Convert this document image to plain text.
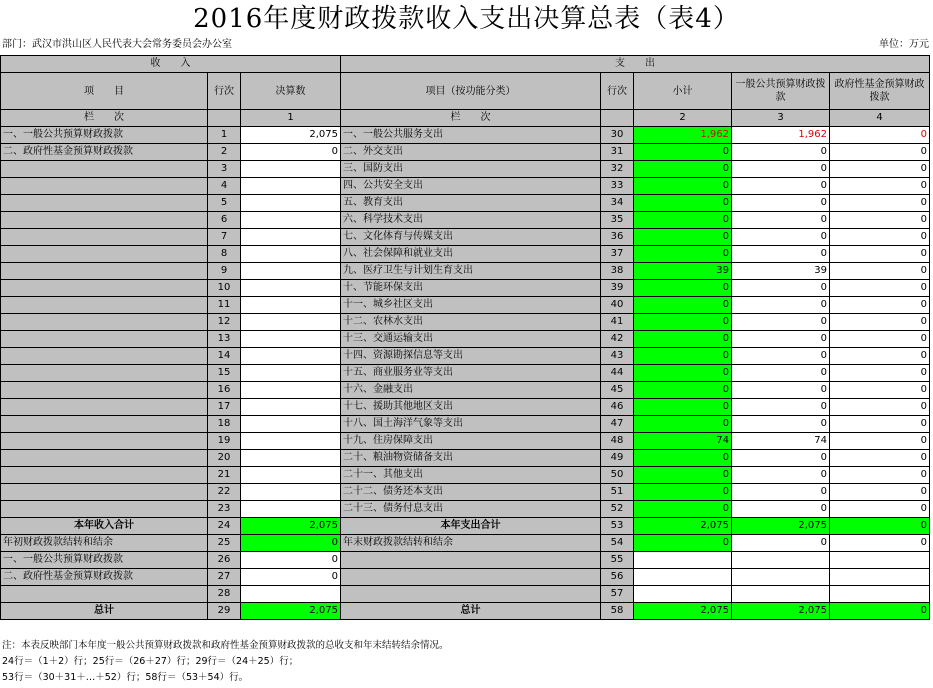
2016年度财政拨款收入支出决算总表（表4）
部门：武汉市洪山区人民代表大会常务委员会办公室	单位：万元
收　　入			支　　出				
项　　目	行次	决算数	项目（按功能分类）	行次	小计	一般公共预算财政拨款	政府性基金预算财政拨款
栏　　次		1	栏　　次		2	3	4
一、一般公共预算财政拨款	1	2,075	一、一般公共服务支出	30	1,962	1,962	0
二、政府性基金预算财政拨款	2	0	二、外交支出	31	0	0	0
	3		三、国防支出	32	0	0	0
	4		四、公共安全支出	33	0	0	0
	5		五、教育支出	34	0	0	0
	6		六、科学技术支出	35	0	0	0
	7		七、文化体育与传媒支出	36	0	0	0
	8		八、社会保障和就业支出	37	0	0	0
	9		九、医疗卫生与计划生育支出	38	39	39	0
	10		十、节能环保支出	39	0	0	0
	11		十一、城乡社区支出	40	0	0	0
	12		十二、农林水支出	41	0	0	0
	13		十三、交通运输支出	42	0	0	0
	14		十四、资源勘探信息等支出	43	0	0	0
	15		十五、商业服务业等支出	44	0	0	0
	16		十六、金融支出	45	0	0	0
	17		十七、援助其他地区支出	46	0	0	0
	18		十八、国土海洋气象等支出	47	0	0	0
	19		十九、住房保障支出	48	74	74	0
	20		二十、粮油物资储备支出	49	0	0	0
	21		二十一、其他支出	50	0	0	0
	22		二十二、债务还本支出	51	0	0	0
	23		二十三、债务付息支出	52	0	0	0
本年收入合计	24	2,075	本年支出合计	53	2,075	2,075	0
年初财政拨款结转和结余	25	0	年末财政拨款结转和结余	54	0	0	0
一、一般公共预算财政拨款	26	0		55			
二、政府性基金预算财政拨款	27	0		56			
	28			57			
总计	29	2,075	总计	58	2,075	2,075	0
注：本表反映部门本年度一般公共预算财政拨款和政府性基金预算财政拨款的总收支和年末结转结余情况。
24行＝（1＋2）行；25行＝（26＋27）行；29行＝（24＋25）行；
53行＝（30＋31＋…＋52）行；58行＝（53＋54）行。
